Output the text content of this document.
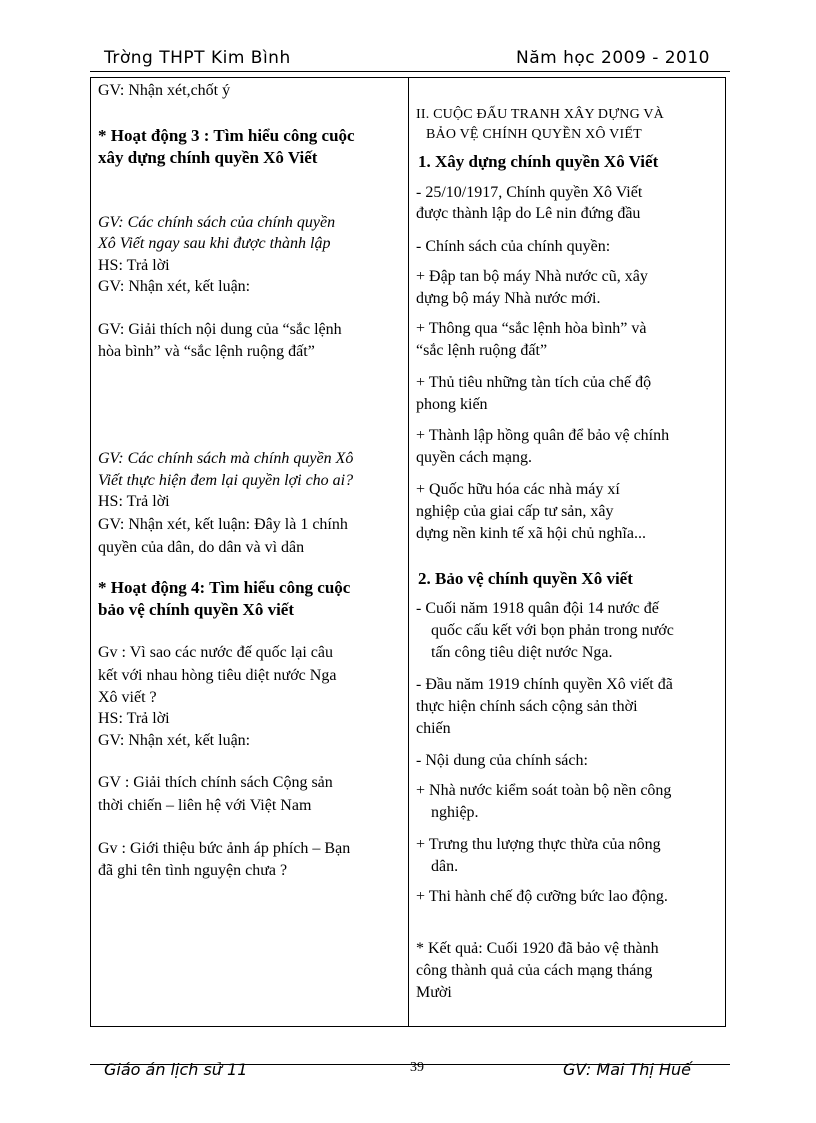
Trờng THPT Kim Bình	Năm học 2009 - 2010
GV: Nhận xét,chốt ý
* Hoạt động 3 : Tìm hiểu công cuộc
xây dựng chính quyền Xô Viết
GV: Các chính sách của chính quyền
Xô Viết ngay sau khi được thành lập
HS: Trả lời
GV: Nhận xét, kết luận:
GV: Giải thích nội dung của “sắc lệnh
hòa bình” và “sắc lệnh ruộng đất”
GV: Các chính sách mà chính quyền Xô
Viết thực hiện đem lại quyền lợi cho ai?
HS: Trả lời
GV: Nhận xét, kết luận: Đây là 1 chính
quyền của dân, do dân và vì dân
* Hoạt động 4: Tìm hiểu công cuộc
bảo vệ chính quyền Xô viết
Gv : Vì sao các nước đế quốc lại câu
kết với nhau hòng tiêu diệt nước Nga
Xô viết ?
HS: Trả lời
GV: Nhận xét, kết luận:
GV : Giải thích chính sách Cộng sản
thời chiến – liên hệ với Việt Nam
Gv : Giới thiệu bức ảnh áp phích – Bạn
đã ghi tên tình nguyện chưa ?
II. CUỘC ĐẤU TRANH XÂY DỰNG VÀ
BẢO VỆ CHÍNH QUYỀN XÔ VIẾT
1. Xây dựng chính quyền Xô Viết
- 25/10/1917, Chính quyền Xô Viết
được thành lập do Lê nin đứng đầu
- Chính sách của chính quyền:
+ Đập tan bộ máy Nhà nước cũ, xây
dựng bộ máy Nhà nước mới.
+ Thông qua “sắc lệnh hòa bình” và
“sắc lệnh ruộng đất”
+ Thủ tiêu những tàn tích của chế độ
phong kiến
+ Thành lập hồng quân để bảo vệ chính
quyền cách mạng.
+ Quốc hữu hóa các nhà máy xí
nghiệp của giai cấp tư sản, xây
dựng nền kinh tế xã hội chủ nghĩa...
2. Bảo vệ chính quyền Xô viết
- Cuối năm 1918 quân đội 14 nước đế
quốc cấu kết với bọn phản trong nước
tấn công tiêu diệt nước Nga.
- Đầu năm 1919 chính quyền Xô viết đã
thực hiện chính sách cộng sản thời
chiến
- Nội dung của chính sách:
+ Nhà nước kiểm soát toàn bộ nền công
nghiệp.
+ Trưng thu lượng thực thừa của nông
dân.
+ Thi hành chế độ cưỡng bức lao động.
* Kết quả: Cuối 1920 đã bảo vệ thành
công thành quả của cách mạng tháng
Mười
Giáo án lịch sử 11	39	GV: Mai Thị Huế
